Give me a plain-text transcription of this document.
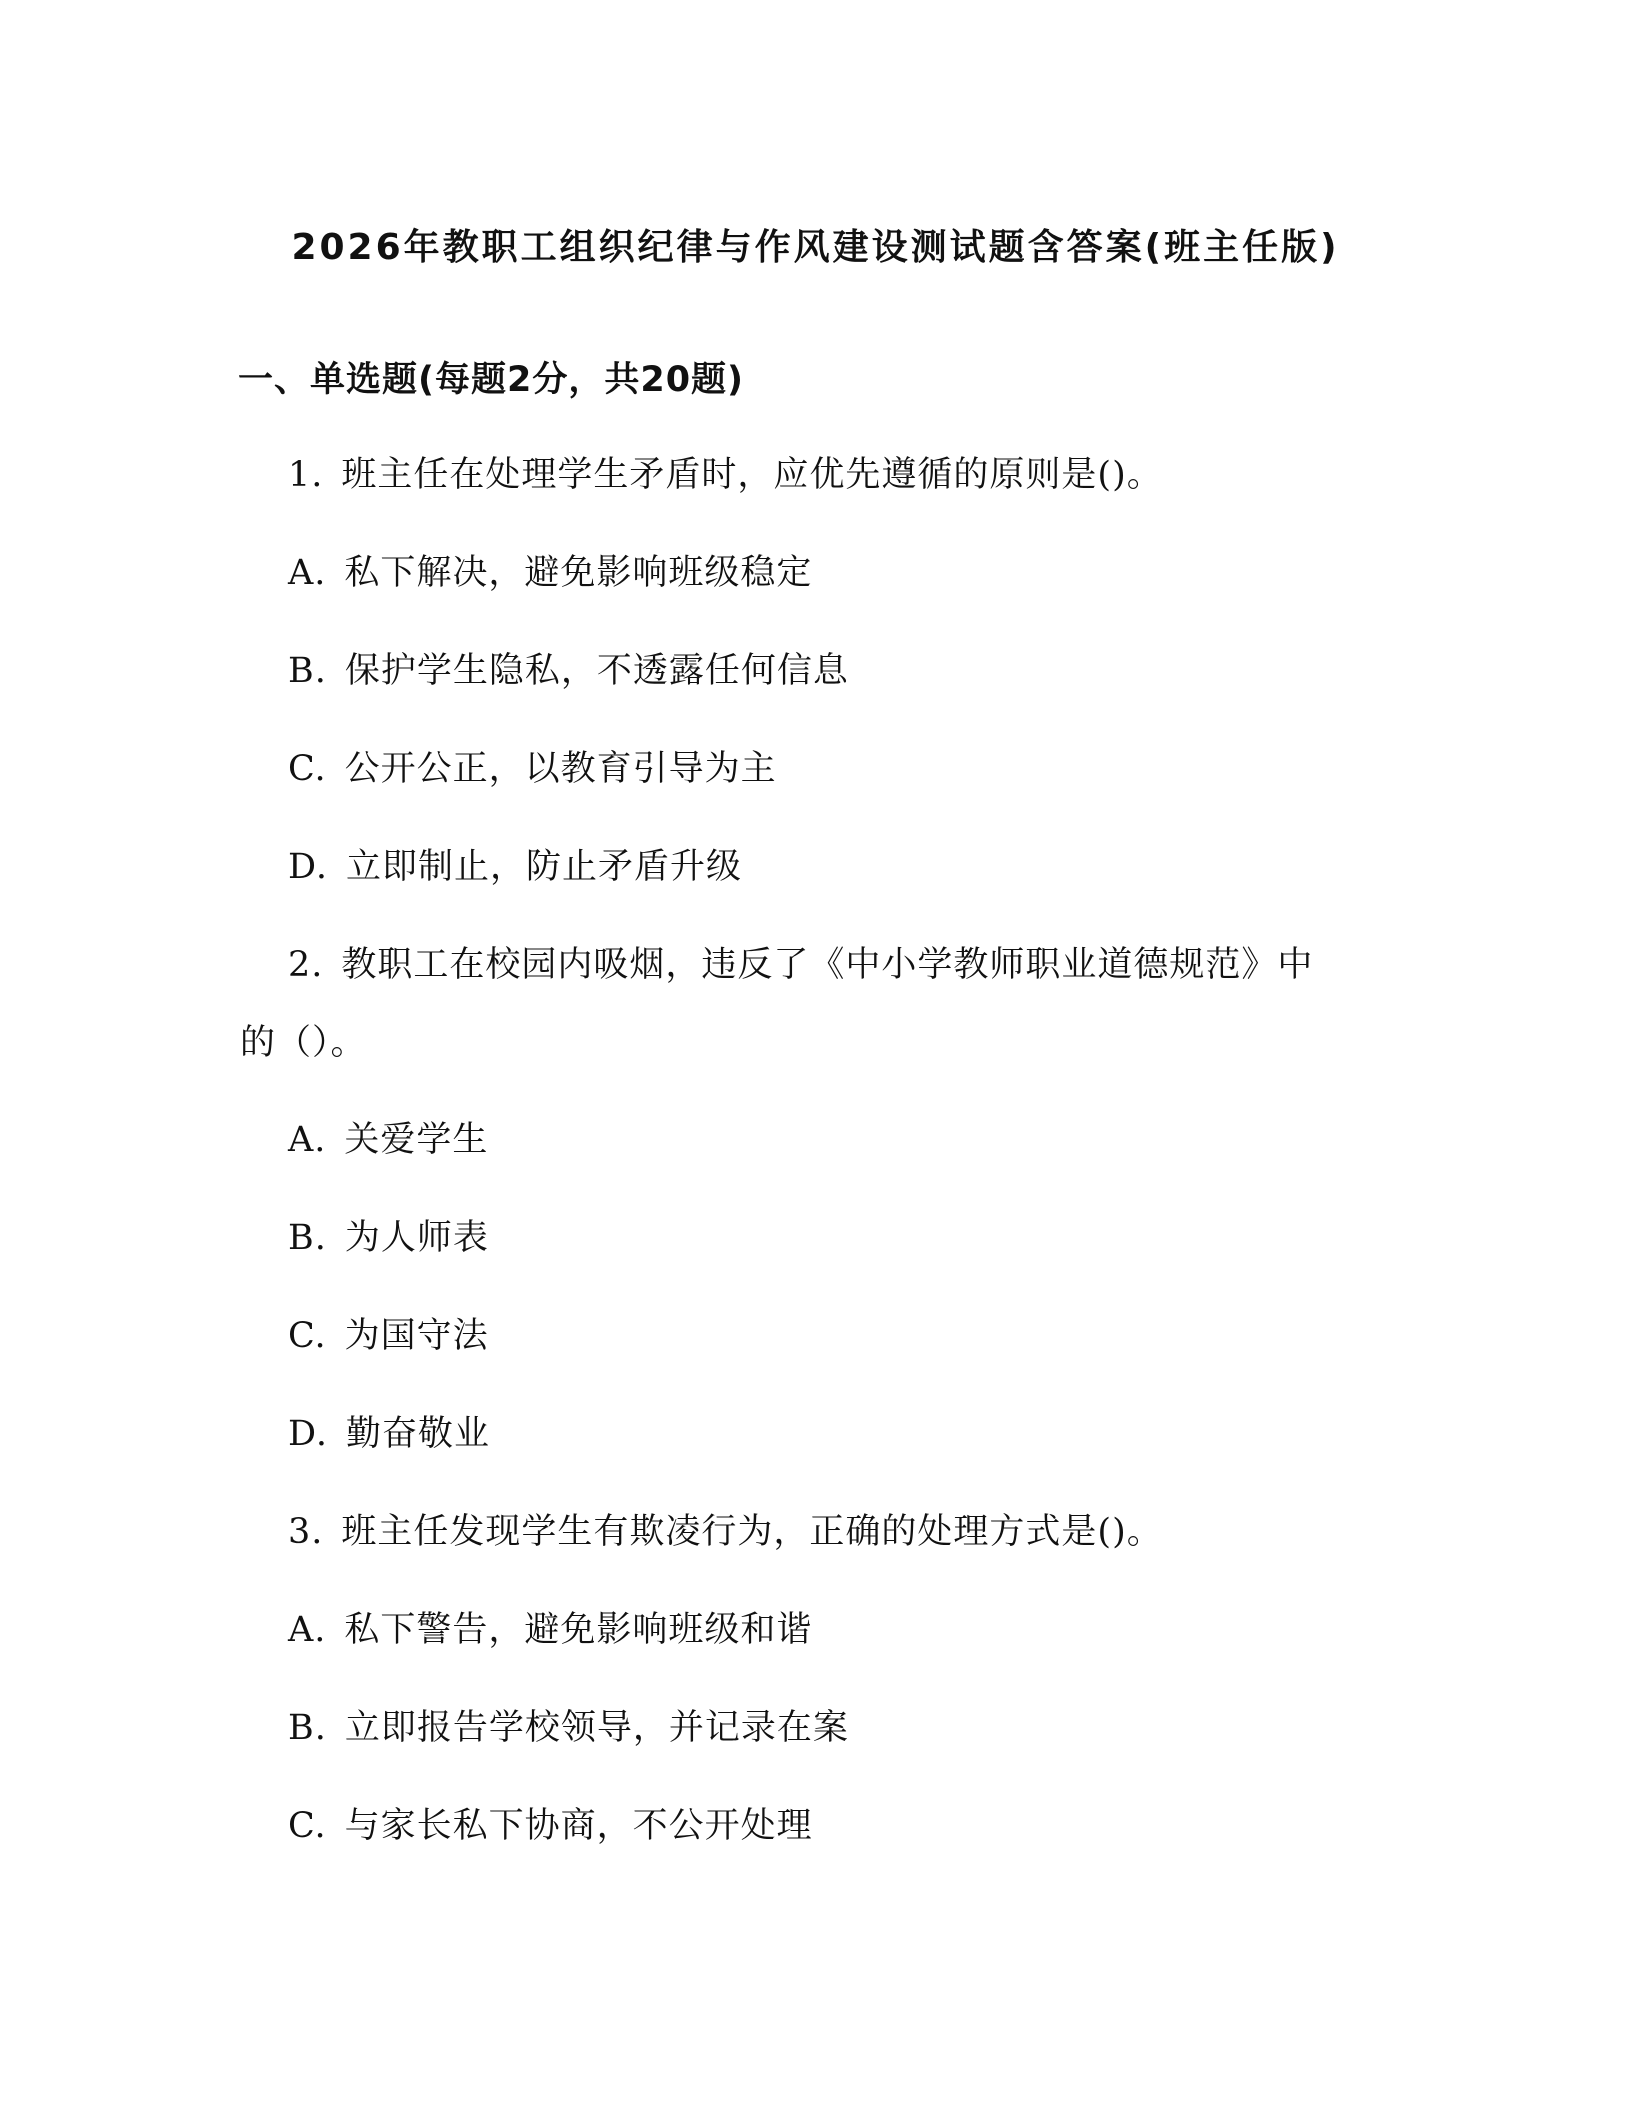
2026年教职工组织纪律与作风建设测试题含答案(班主任版)
一、单选题(每题2分，共20题)
1. 班主任在处理学生矛盾时，应优先遵循的原则是()。
A. 私下解决，避免影响班级稳定
B. 保护学生隐私，不透露任何信息
C. 公开公正，以教育引导为主
D. 立即制止，防止矛盾升级
2. 教职工在校园内吸烟，违反了《中小学教师职业道德规范》中
的（）。
A. 关爱学生
B. 为人师表
C. 为国守法
D. 勤奋敬业
3. 班主任发现学生有欺凌行为，正确的处理方式是()。
A. 私下警告，避免影响班级和谐
B. 立即报告学校领导，并记录在案
C. 与家长私下协商，不公开处理
